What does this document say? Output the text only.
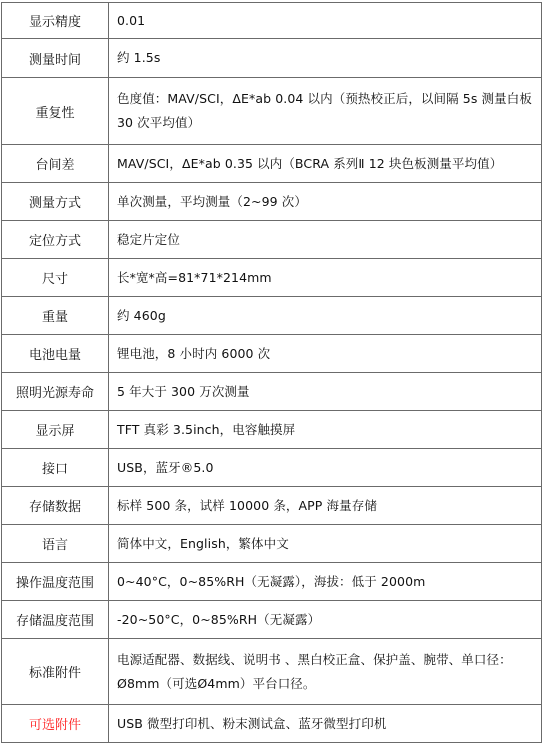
显示精度	0.01
测量时间	约 1.5s
重复性	色度值：MAV/SCI，ΔE*ab 0.04 以内（预热校正后，以间隔 5s 测量白板 30 次平均值）
台间差	MAV/SCI，ΔE*ab 0.35 以内（BCRA 系列Ⅱ 12 块色板测量平均值）
测量方式	单次测量，平均测量（2~99 次）
定位方式	稳定片定位
尺寸	长*宽*高=81*71*214mm
重量	约 460g
电池电量	锂电池，8 小时内 6000 次
照明光源寿命	5 年大于 300 万次测量
显示屏	TFT 真彩 3.5inch，电容触摸屏
接口	USB，蓝牙®5.0
存储数据	标样 500 条，试样 10000 条，APP 海量存储
语言	简体中文，English，繁体中文
操作温度范围	0~40°C，0~85%RH（无凝露），海拔：低于 2000m
存储温度范围	-20~50°C，0~85%RH（无凝露）
标准附件	电源适配器、数据线、说明书 、黑白校正盒、保护盖、腕带、单口径：Ø8mm（可选Ø4mm）平台口径。
可选附件	USB 微型打印机、粉末测试盒、蓝牙微型打印机
